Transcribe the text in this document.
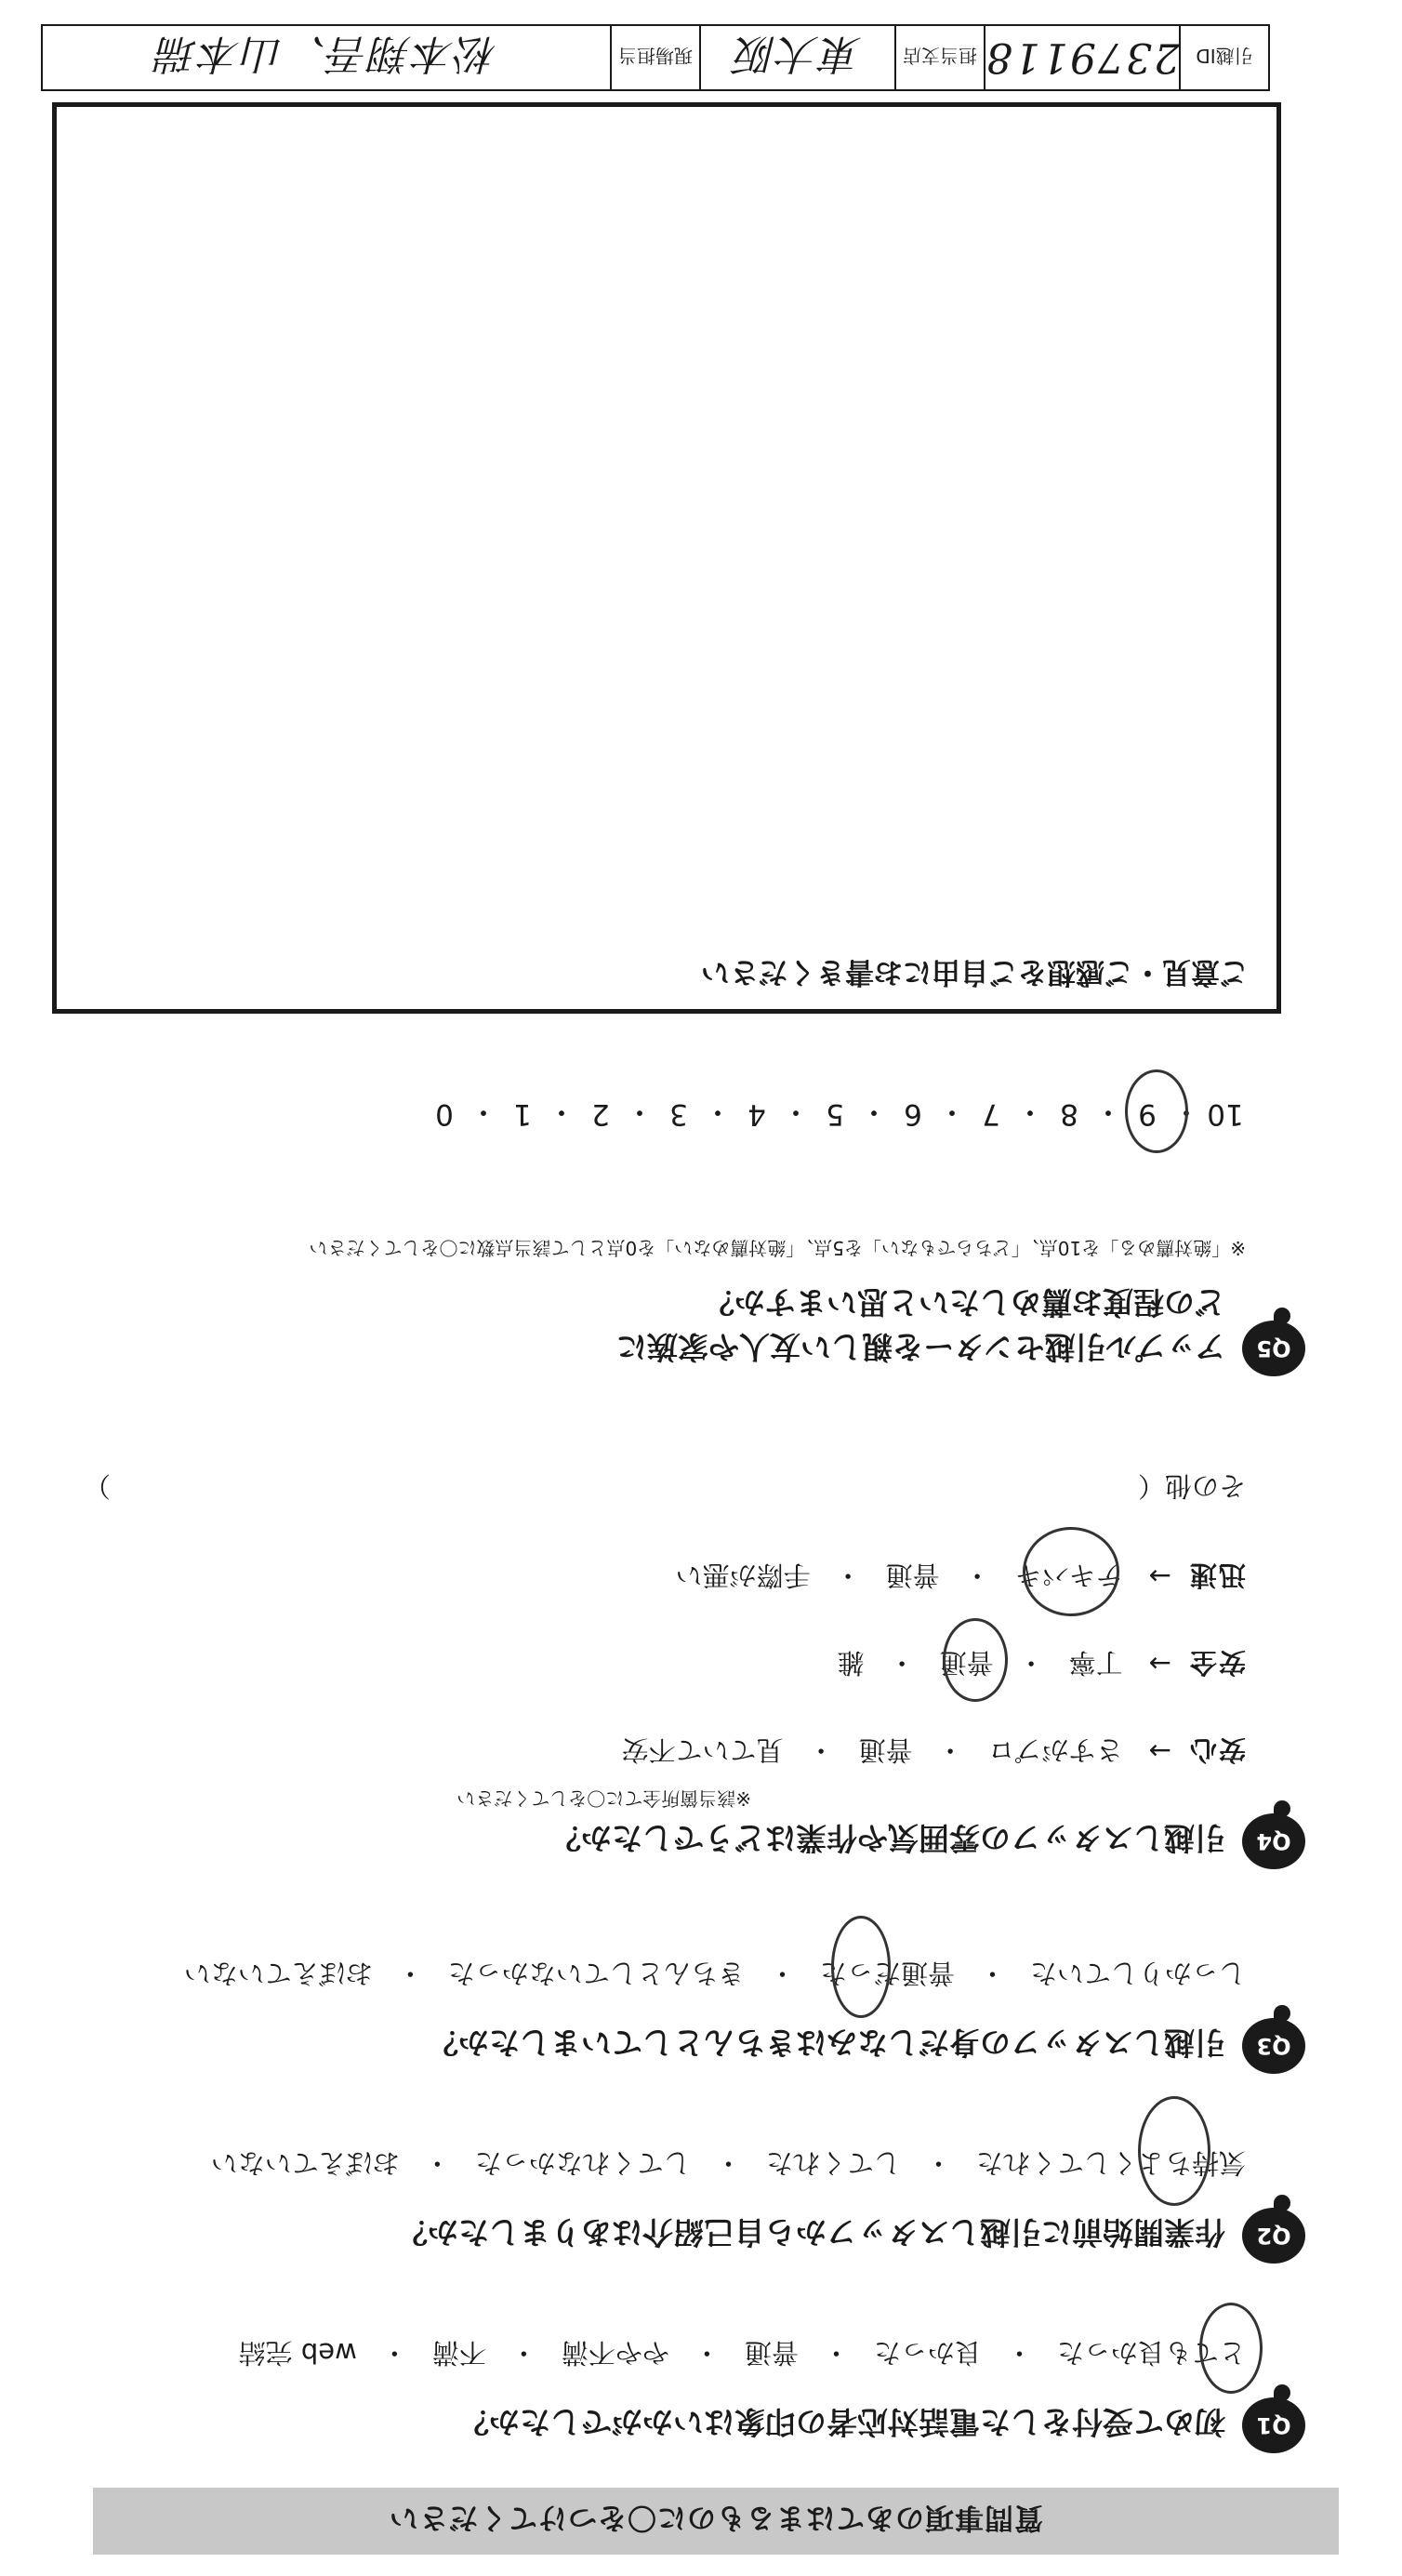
質問事項のあてはまるものに〇をつけてください
Q1
初めて受付をした電話対応者の印象はいかがでしたか？
とても良かった
・
良かった
・
普通
・
やや不満
・
不満
・
web 完結
Q2
作業開始前に引越しスタッフから自己紹介はありましたか？
気持ちよくしてくれた
・
してくれた
・
してくれなかった
・
おぼえていない
Q3
引越しスタッフの身だしなみはきちんとしていましたか？
しっかりしていた
・
普通だった
・
きちんとしていなかった
・
おぼえていない
Q4
引越しスタッフの雰囲気や作業はどうでしたか？
※該当箇所全てに〇をしてください
安心
→
さすがプロ
・
普通
・
見ていて不安
安全
→
丁寧
・
普通
・
雑
迅速
→
テキパキ
・
普通
・
手際が悪い
その他（
）
Q5
アップル引越センターを親しい友人や家族に
どの程度お薦めしたいと思いますか？
※「絶対薦める」を10点、「どちらでもない」を5点、「絶対薦めない」を0点として該当点数に〇をしてください
10
・
9
・
8
・
7
・
6
・
5
・
4
・
3
・
2
・
1
・
0
ご意見・ご感想をご自由にお書きください
引越ID
2379118
担当支店
東大阪
現場担当
松本翔吾、山本瑞
